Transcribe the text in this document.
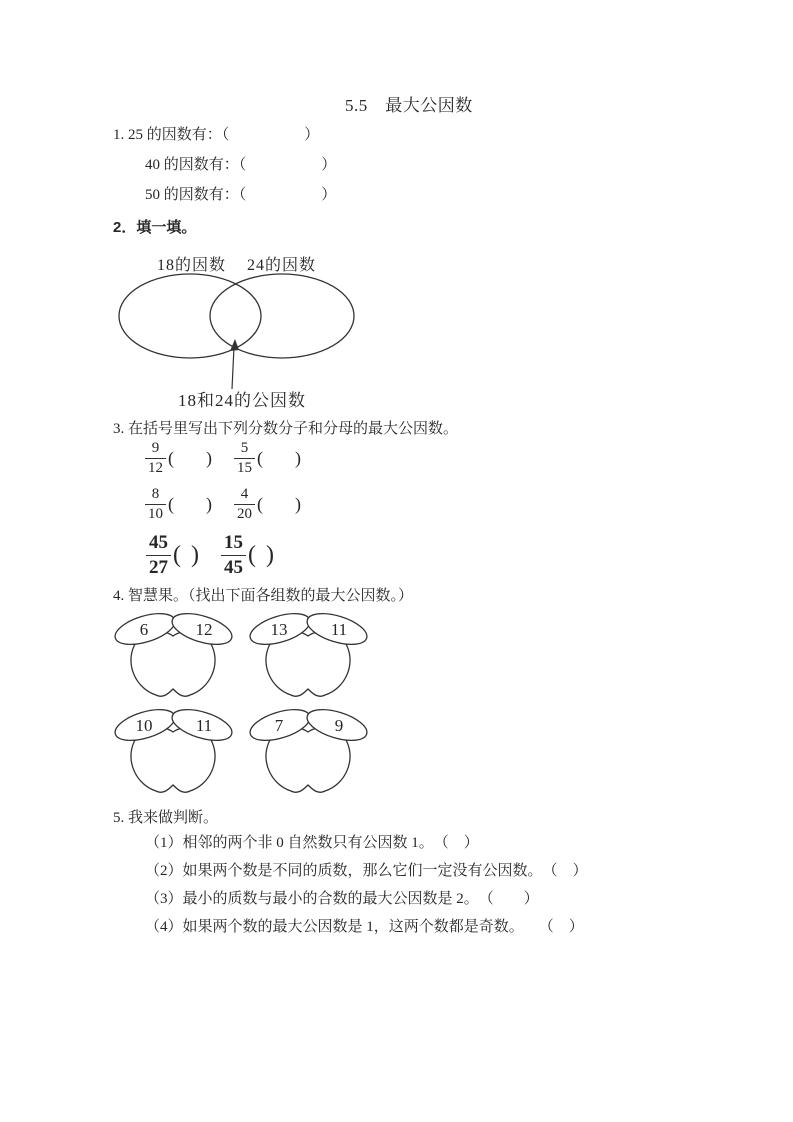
5.5　最大公因数
1. 25 的因数有：（　　　　　）
40 的因数有：（　　　　　）
50 的因数有：（　　　　　）
2．填一填。
18的因数 24的因数
18和24的公因数
3. 在括号里写出下列分数分子和分母的最大公因数。
$\frac{9}{12}$ ( ) $\frac{5}{15}$ ( )
$\frac{8}{10}$ ( ) $\frac{4}{20}$ ( )
$\frac{45}{27}$ ( ) $\frac{15}{45}$ ( )
4. 智慧果。（找出下面各组数的最大公因数。）
6	12	13	11
10	11	7	9
5. 我来做判断。
（1）相邻的两个非 0 自然数只有公因数 1。　（　）
（2）如果两个数是不同的质数，那么它们一定没有公因数。　（　）
（3）最小的质数与最小的合数的最大公因数是 2。　（　　）
（4）如果两个数的最大公因数是 1，这两个数都是奇数。　　（　）
